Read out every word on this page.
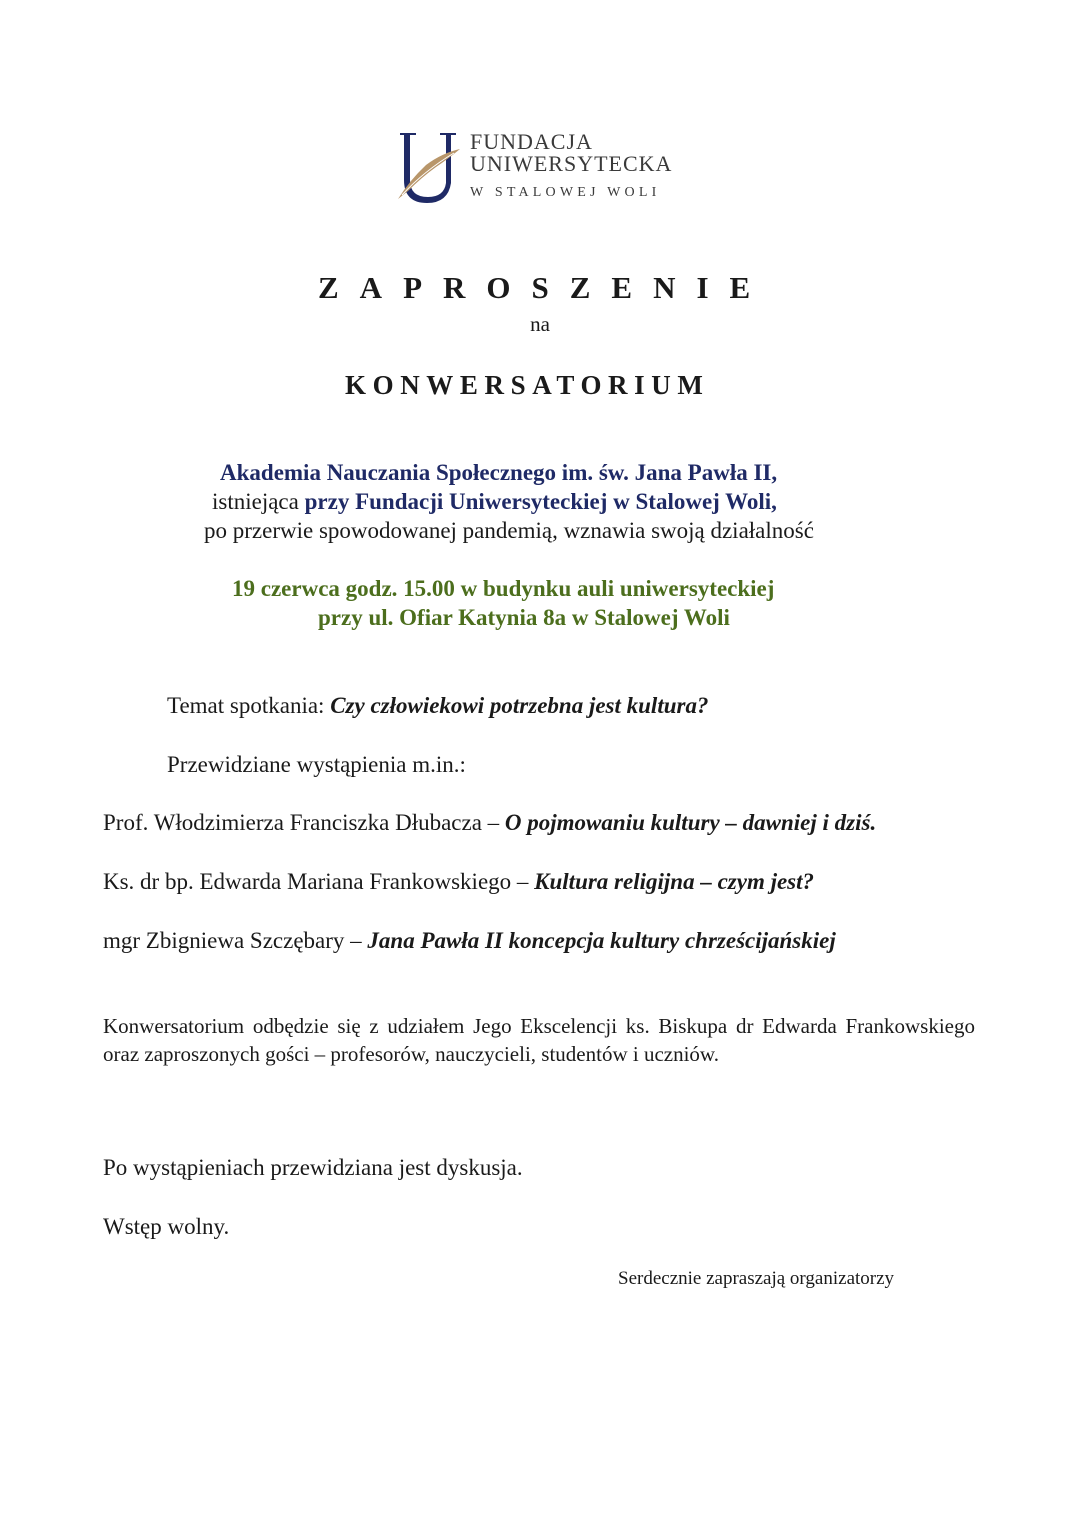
FUNDACJA
UNIWERSYTECKA
W STALOWEJ WOLI
ZAPROSZENIE
na
KONWERSATORIUM
Akademia Nauczania Społecznego im. św. Jana Pawła II,
istniejąca przy Fundacji Uniwersyteckiej w Stalowej Woli,
po przerwie spowodowanej pandemią, wznawia swoją działalność
19 czerwca godz. 15.00 w budynku auli uniwersyteckiej
przy ul. Ofiar Katynia 8a w Stalowej Woli
Temat spotkania: Czy człowiekowi potrzebna jest kultura?
Przewidziane wystąpienia m.in.:
Prof. Włodzimierza Franciszka Dłubacza – O pojmowaniu kultury – dawniej i dziś.
Ks. dr bp. Edwarda Mariana Frankowskiego – Kultura religijna – czym jest?
mgr Zbigniewa Szczębary – Jana Pawła II koncepcja kultury chrześcijańskiej
Konwersatorium odbędzie się z udziałem Jego Ekscelencji ks. Biskupa dr Edwarda Frankowskiego oraz zaproszonych gości – profesorów, nauczycieli, studentów i uczniów.
Po wystąpieniach przewidziana jest dyskusja.
Wstęp wolny.
Serdecznie zapraszają organizatorzy
